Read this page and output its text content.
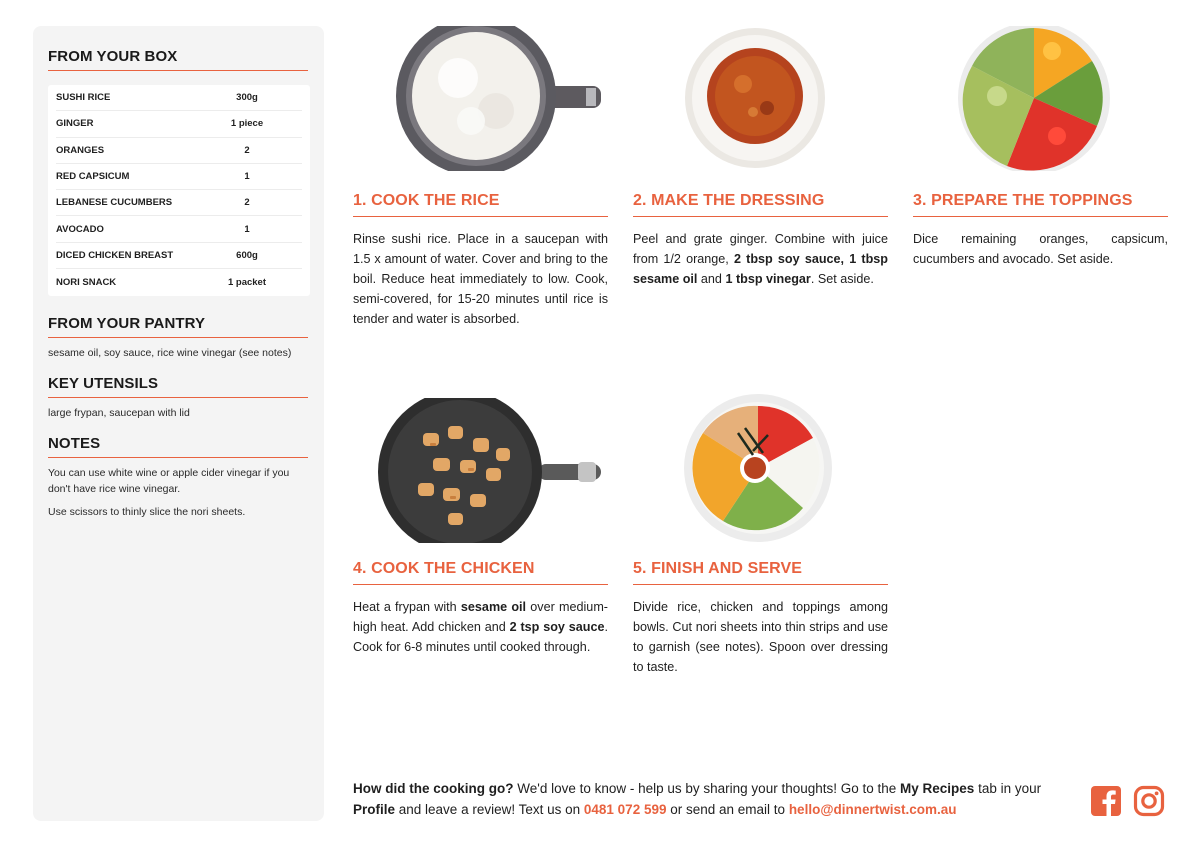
FROM YOUR BOX
SUSHI RICE	300g
GINGER	1 piece
ORANGES	2
RED CAPSICUM	1
LEBANESE CUCUMBERS	2
AVOCADO	1
DICED CHICKEN BREAST	600g
NORI SNACK	1 packet
FROM YOUR PANTRY
sesame oil, soy sauce, rice wine vinegar (see notes)
KEY UTENSILS
large frypan, saucepan with lid
NOTES
You can use white wine or apple cider vinegar if you don't have rice wine vinegar.
Use scissors to thinly slice the nori sheets.
1. COOK THE RICE
Rinse sushi rice. Place in a saucepan with 1.5 x amount of water. Cover and bring to the boil. Reduce heat immediately to low. Cook, semi-covered, for 15-20 minutes until rice is tender and water is absorbed.
2. MAKE THE DRESSING
Peel and grate ginger. Combine with juice from 1/2 orange, 2 tbsp soy sauce, 1 tbsp sesame oil and 1 tbsp vinegar. Set aside.
3. PREPARE THE TOPPINGS
Dice remaining oranges, capsicum, cucumbers and avocado. Set aside.
4. COOK THE CHICKEN
Heat a frypan with sesame oil over medium-high heat. Add chicken and 2 tsp soy sauce. Cook for 6-8 minutes until cooked through.
5. FINISH AND SERVE
Divide rice, chicken and toppings among bowls. Cut nori sheets into thin strips and use to garnish (see notes). Spoon over dressing to taste.
How did the cooking go? We'd love to know - help us by sharing your thoughts! Go to the My Recipes tab in your Profile and leave a review! Text us on 0481 072 599 or send an email to hello@dinnertwist.com.au
